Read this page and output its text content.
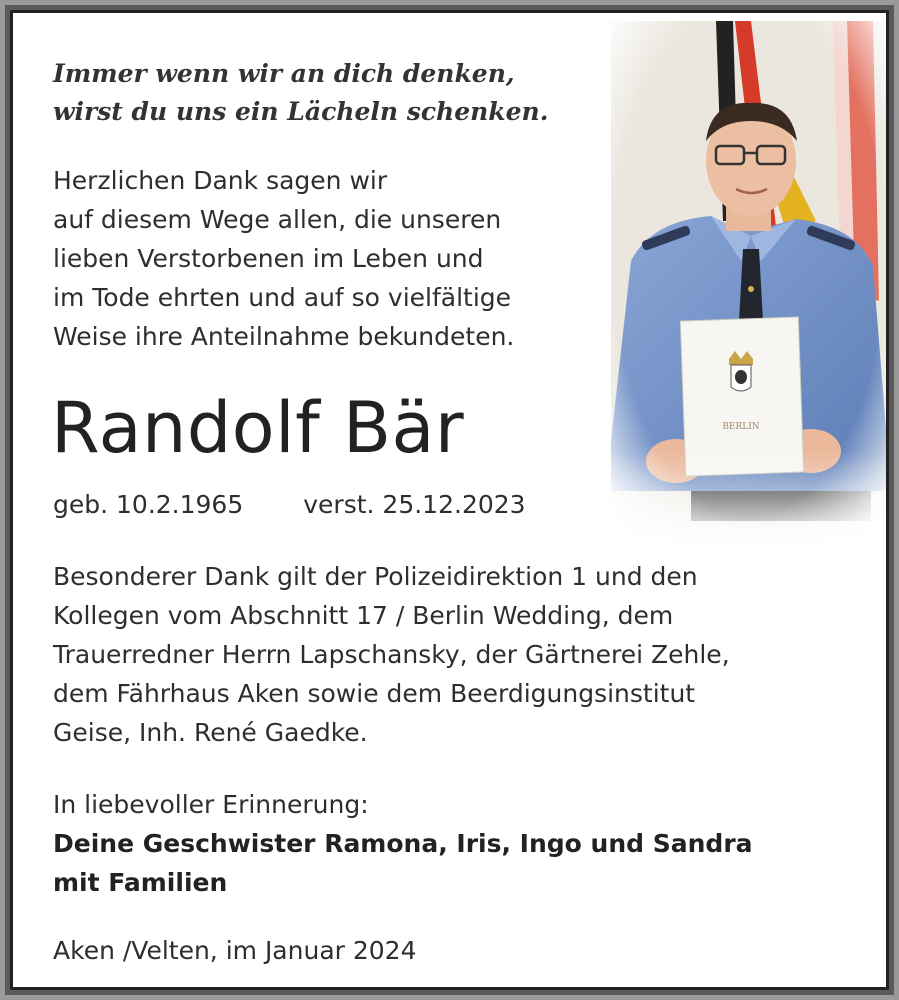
Immer wenn wir an dich denken,
wirst du uns ein Lächeln schenken.
Herzlichen Dank sagen wir
auf diesem Wege allen, die unseren
lieben Verstorbenen im Leben und
im Tode ehrten und auf so vielfältige
Weise ihre Anteilnahme bekundeten.
Randolf Bär
geb. 10.2.1965 verst. 25.12.2023
Besonderer Dank gilt der Polizeidirektion 1 und den
Kollegen vom Abschnitt 17 / Berlin Wedding, dem
Trauerredner Herrn Lapschansky, der Gärtnerei Zehle,
dem Fährhaus Aken sowie dem Beerdigungsinstitut
Geise, Inh. René Gaedke.
In liebevoller Erinnerung:
Deine Geschwister Ramona, Iris, Ingo und Sandra
mit Familien
Aken /Velten, im Januar 2024
